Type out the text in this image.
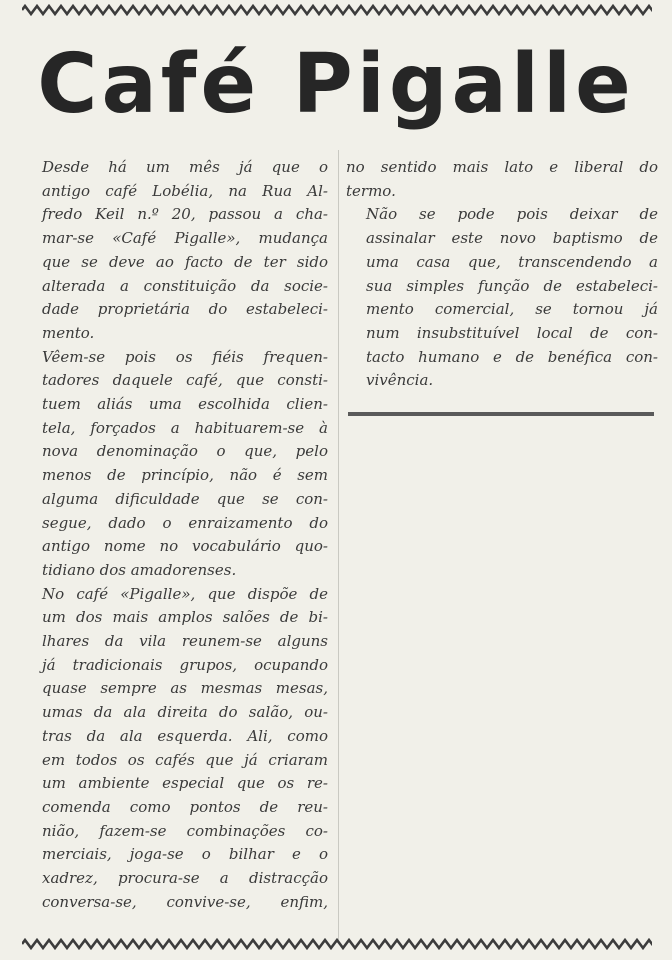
Café Pigalle

Desde há um mês já que o
antigo café Lobélia, na Rua Al-
fredo Keil n.º 20, passou a cha-
mar-se «Café Pigalle», mudança
que se deve ao facto de ter sido
alterada a constituição da socie-
dade proprietária do estabeleci-
mento.

Vêem-se pois os fiéis frequen-
tadores daquele café, que consti-
tuem aliás uma escolhida clien-
tela, forçados a habituarem-se à
nova denominação o que, pelo
menos de princípio, não é sem
alguma dificuldade que se con-
segue, dado o enraizamento do
antigo nome no vocabulário quo-
tidiano dos amadorenses.

No café «Pigalle», que dispõe de
um dos mais amplos salões de bi-
lhares da vila reunem-se alguns
já tradicionais grupos, ocupando
quase sempre as mesmas mesas,
umas da ala direita do salão, ou-
tras da ala esquerda. Ali, como
em todos os cafés que já criaram
um ambiente especial que os re-
comenda como pontos de reu-
nião, fazem-se combinações co-
merciais, joga-se o bilhar e o
xadrez, procura-se a distracção
conversa-se, convive-se, enfim,

no sentido mais lato e liberal do
termo.

Não se pode pois deixar de
assinalar este novo baptismo de
uma casa que, transcendendo a
sua simples função de estabeleci-
mento comercial, se tornou já
num insubstituível local de con-
tacto humano e de benéfica con-
vivência.
